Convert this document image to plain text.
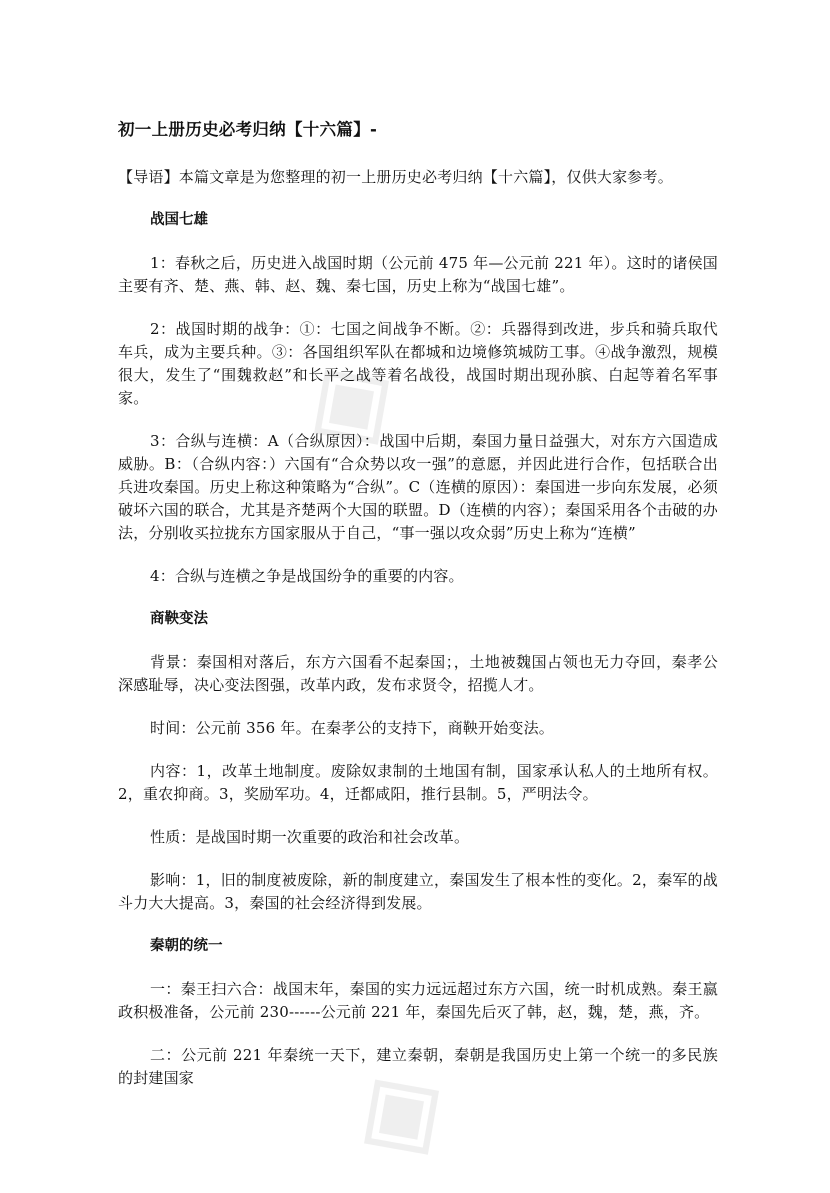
◈
◈
初一上册历史必考归纳【十六篇】-

【导语】本篇文章是为您整理的初一上册历史必考归纳【十六篇】，仅供大家参考。

战国七雄

1：春秋之后，历史进入战国时期（公元前 475 年—公元前 221 年）。这时的诸侯国主要有齐、楚、燕、韩、赵、魏、秦七国，历史上称为“战国七雄”。

2：战国时期的战争：①：七国之间战争不断。②：兵器得到改进，步兵和骑兵取代车兵，成为主要兵种。③：各国组织军队在都城和边境修筑城防工事。④战争激烈，规模很大，发生了“围魏救赵”和长平之战等着名战役，战国时期出现孙膑、白起等着名军事家。

3：合纵与连横：A（合纵原因）：战国中后期，秦国力量日益强大，对东方六国造成威胁。B：（合纵内容：）六国有“合众势以攻一强”的意愿，并因此进行合作，包括联合出兵进攻秦国。历史上称这种策略为“合纵”。C（连横的原因）：秦国进一步向东发展，必须破坏六国的联合，尤其是齐楚两个大国的联盟。D（连横的内容）；秦国采用各个击破的办法，分别收买拉拢东方国家服从于自己，“事一强以攻众弱”历史上称为“连横”

4：合纵与连横之争是战国纷争的重要的内容。

商鞅变法

背景：秦国相对落后，东方六国看不起秦国；，土地被魏国占领也无力夺回，秦孝公深感耻辱，决心变法图强，改革内政，发布求贤令，招揽人才。

时间：公元前 356 年。在秦孝公的支持下，商鞅开始变法。

内容：1，改革土地制度。废除奴隶制的土地国有制，国家承认私人的土地所有权。2，重农抑商。3，奖励军功。4，迁都咸阳，推行县制。5，严明法令。

性质：是战国时期一次重要的政治和社会改革。

影响：1，旧的制度被废除，新的制度建立，秦国发生了根本性的变化。2，秦军的战斗力大大提高。3，秦国的社会经济得到发展。

秦朝的统一

一：秦王扫六合：战国末年，秦国的实力远远超过东方六国，统一时机成熟。秦王嬴政积极准备，公元前 230------公元前 221 年，秦国先后灭了韩，赵，魏，楚，燕，齐。

二：公元前 221 年秦统一天下，建立秦朝，秦朝是我国历史上第一个统一的多民族的封建国家
